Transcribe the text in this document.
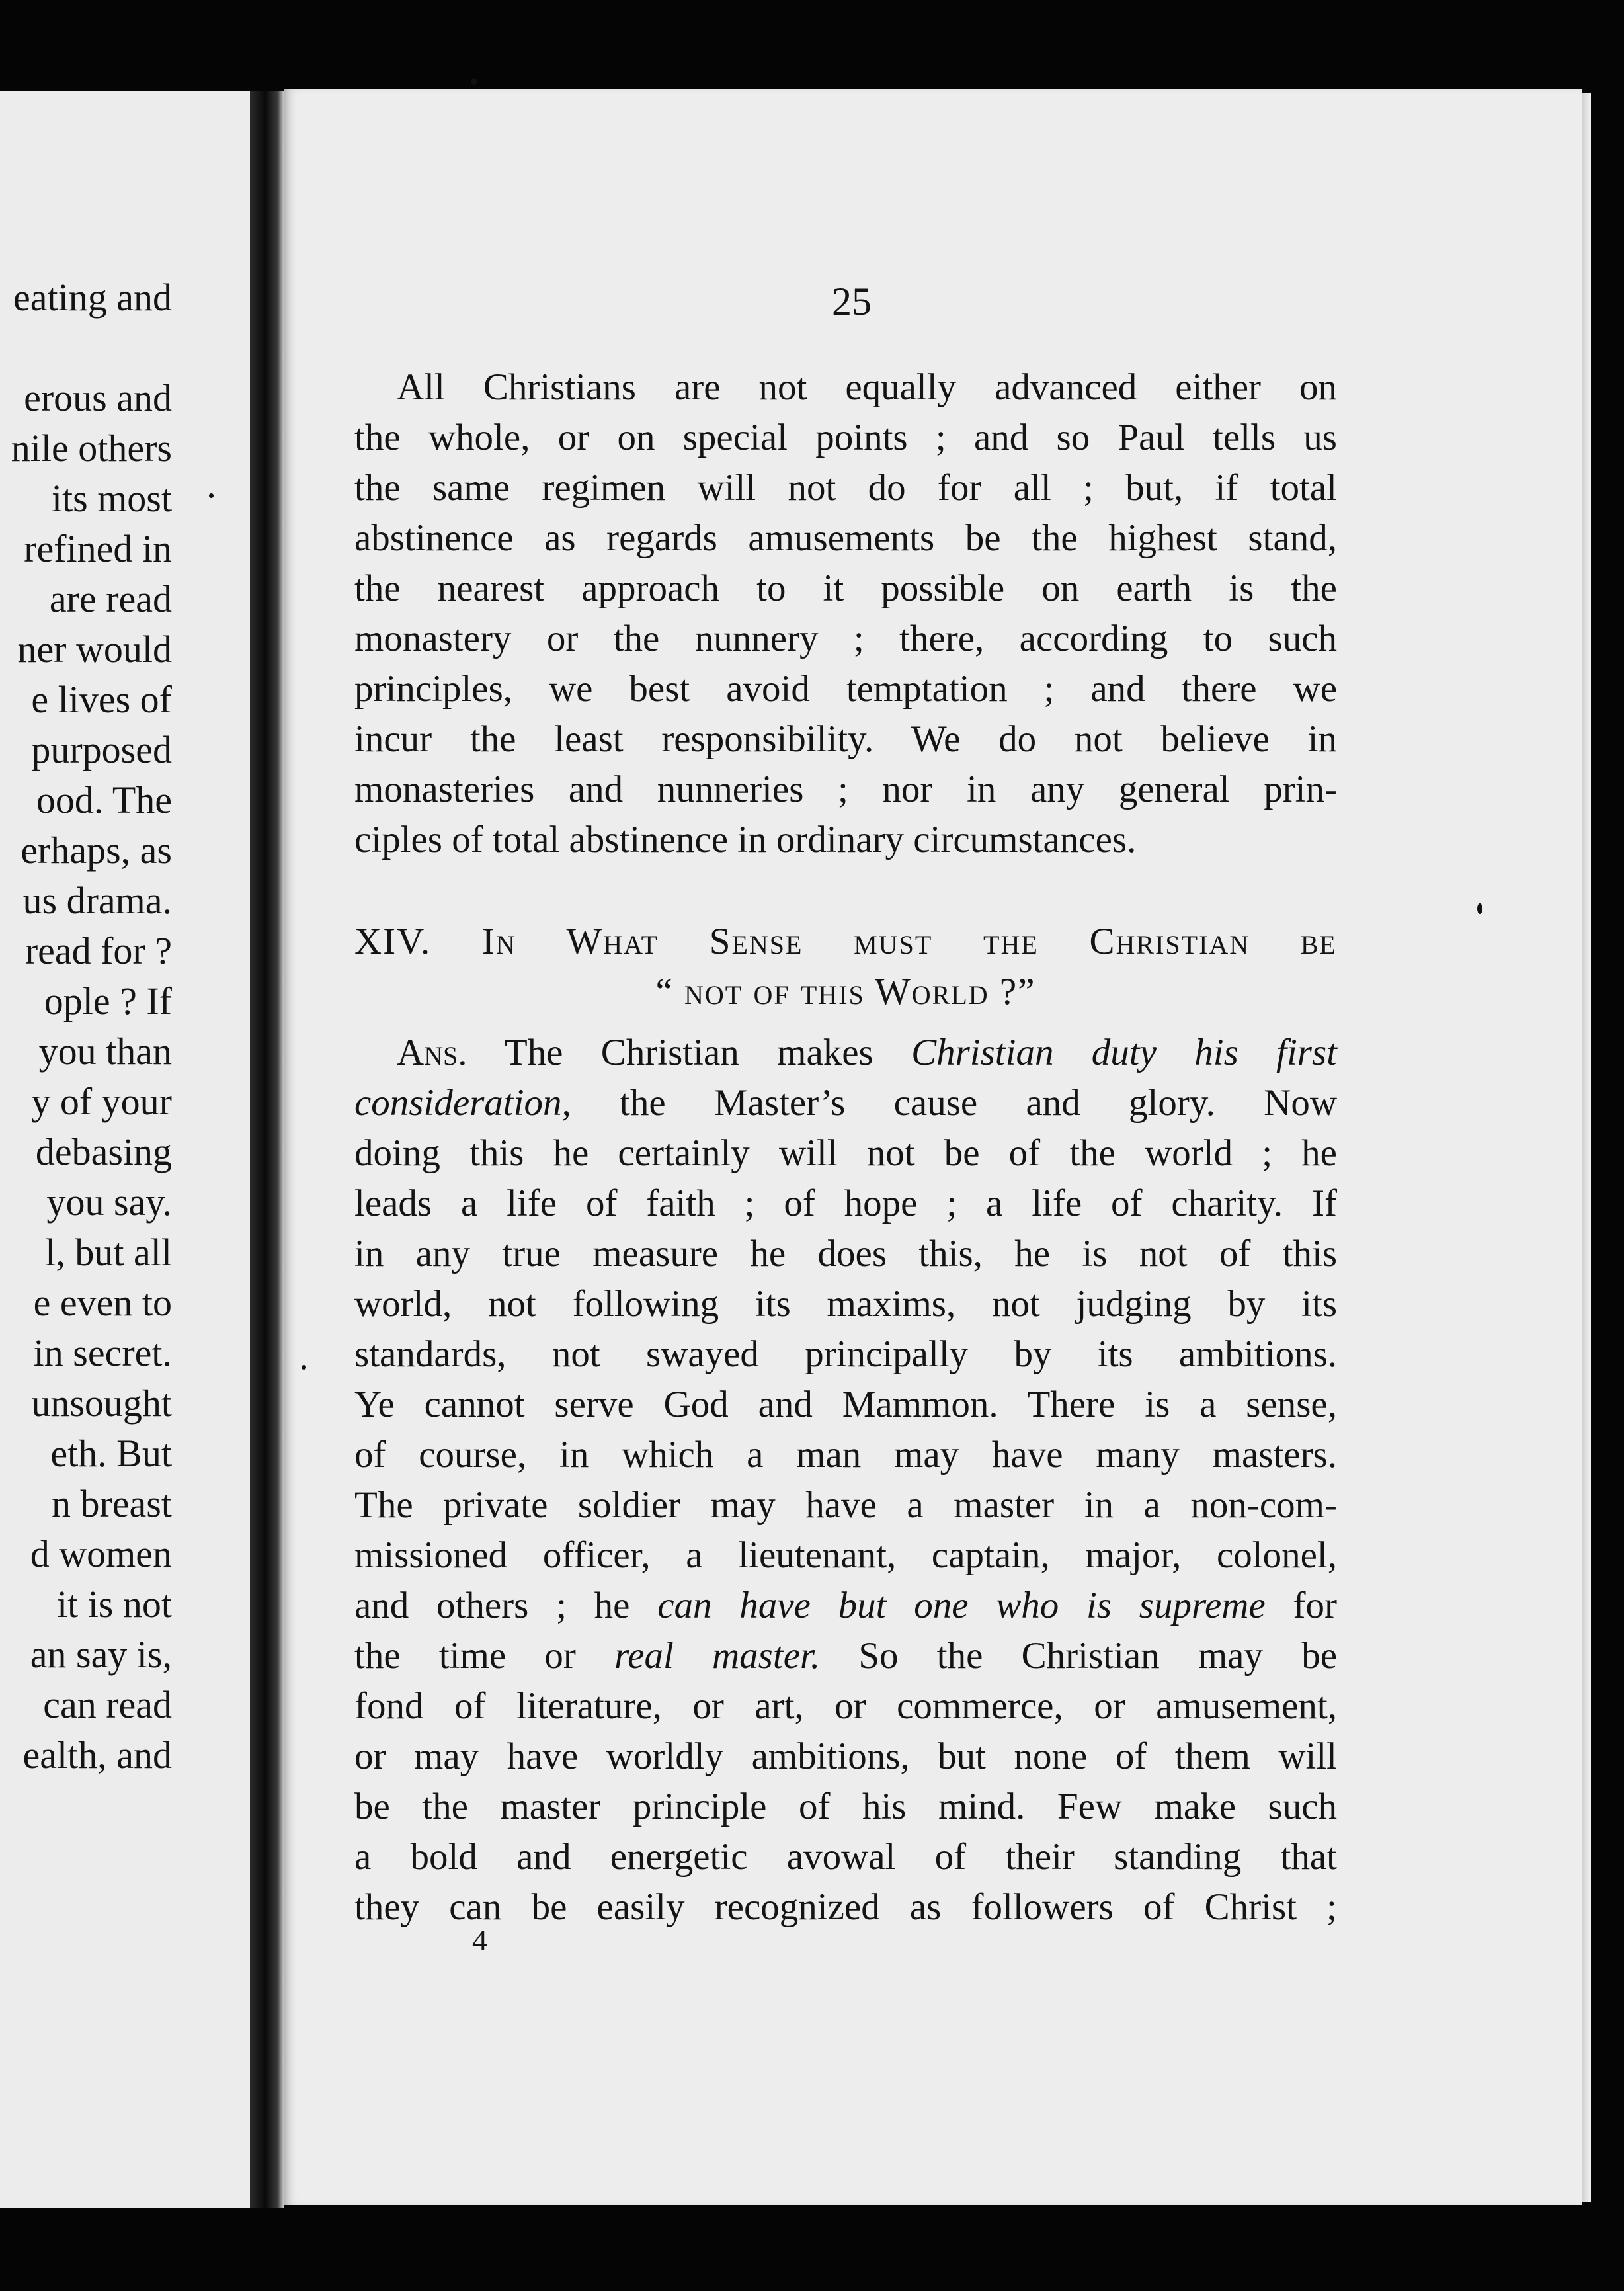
eating and
erous and
nile others
its most
refined in
are read
ner would
e lives of
purposed
ood. The
erhaps, as
us drama.
read for ?
ople ? If
you than
y of your
debasing
you say.
l, but all
e even to
in secret.
unsought
eth. But
n breast
d women
it is not
an say is,
can read
ealth, and
25
All Christians are not equally advanced either on
the whole, or on special points ; and so Paul tells us
the same regimen will not do for all ; but, if total
abstinence as regards amusements be the highest stand,
the nearest approach to it possible on earth is the
monastery or the nunnery ; there, according to such
principles, we best avoid temptation ; and there we
incur the least responsibility. We do not believe in
monasteries and nunneries ; nor in any general prin-
ciples of total abstinence in ordinary circumstances.
XIV. In What Sense must the Christian be
“ not of this World ?”
Ans. The Christian makes Christian duty his first
consideration, the Master’s cause and glory. Now
doing this he certainly will not be of the world ; he
leads a life of faith ; of hope ; a life of charity. If
in any true measure he does this, he is not of this
world, not following its maxims, not judging by its
standards, not swayed principally by its ambitions.
Ye cannot serve God and Mammon. There is a sense,
of course, in which a man may have many masters.
The private soldier may have a master in a non-com-
missioned officer, a lieutenant, captain, major, colonel,
and others ; he can have but one who is supreme for
the time or real master. So the Christian may be
fond of literature, or art, or commerce, or amusement,
or may have worldly ambitions, but none of them will
be the master principle of his mind. Few make such
a bold and energetic avowal of their standing that
they can be easily recognized as followers of Christ ;
4
